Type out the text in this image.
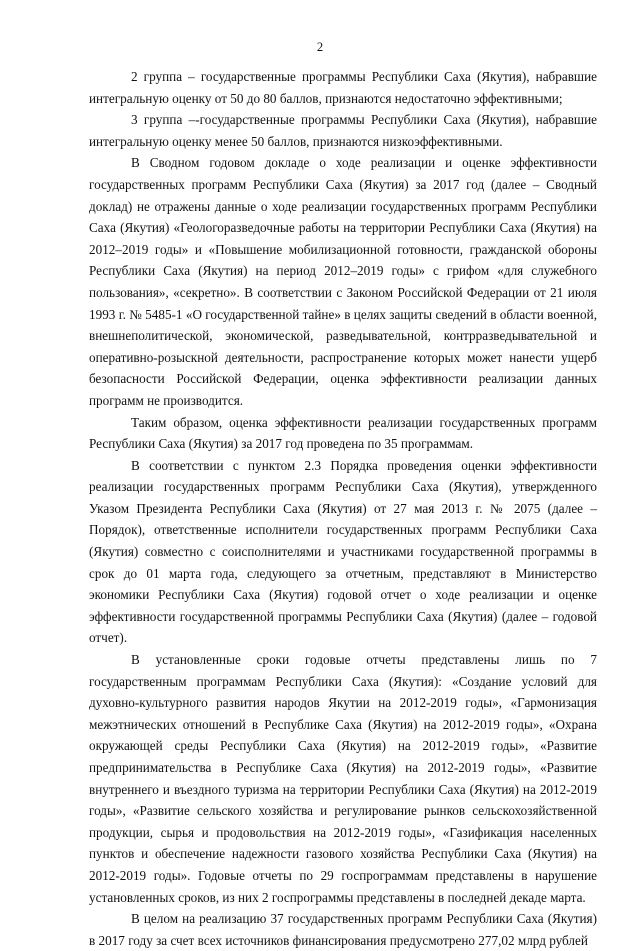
2

2 группа – государственные программы Республики Саха (Якутия), набравшие интегральную оценку от 50 до 80 баллов, признаются недостаточно эффективными;

3 группа –-государственные программы Республики Саха (Якутия), набравшие интегральную оценку менее 50 баллов, признаются низкоэффективными.

В Сводном годовом докладе о ходе реализации и оценке эффективности государственных программ Республики Саха (Якутия) за 2017 год (далее – Сводный доклад) не отражены данные о ходе реализации государственных программ Республики Саха (Якутия) «Геологоразведочные работы на территории Республики Саха (Якутия) на 2012–2019 годы» и «Повышение мобилизационной готовности, гражданской обороны Республики Саха (Якутия) на период 2012–2019 годы» с грифом «для служебного пользования», «секретно». В соответствии с Законом Российской Федерации от 21 июля 1993 г. № 5485-1 «О государственной тайне» в целях защиты сведений в области военной, внешнеполитической, экономической, разведывательной, контрразведывательной и оперативно-розыскной деятельности, распространение которых может нанести ущерб безопасности Российской Федерации, оценка эффективности реализации данных программ не производится.

Таким образом, оценка эффективности реализации государственных программ Республики Саха (Якутия) за 2017 год проведена по 35 программам.

В соответствии с пунктом 2.3 Порядка проведения оценки эффективности реализации государственных программ Республики Саха (Якутия), утвержденного Указом Президента Республики Саха (Якутия) от 27 мая 2013 г. № 2075 (далее – Порядок), ответственные исполнители государственных программ Республики Саха (Якутия) совместно с соисполнителями и участниками государственной программы в срок до 01 марта года, следующего за отчетным, представляют в Министерство экономики Республики Саха (Якутия) годовой отчет о ходе реализации и оценке эффективности государственной программы Республики Саха (Якутия) (далее – годовой отчет).

В установленные сроки годовые отчеты представлены лишь по 7 государственным программам Республики Саха (Якутия): «Создание условий для духовно-культурного развития народов Якутии на 2012-2019 годы», «Гармонизация межэтнических отношений в Республике Саха (Якутия) на 2012-2019 годы», «Охрана окружающей среды Республики Саха (Якутия) на 2012-2019 годы», «Развитие предпринимательства в Республике Саха (Якутия) на 2012-2019 годы», «Развитие внутреннего и въездного туризма на территории Республики Саха (Якутия) на 2012-2019 годы», «Развитие сельского хозяйства и регулирование рынков сельскохозяйственной продукции, сырья и продовольствия на 2012-2019 годы», «Газификация населенных пунктов и обеспечение надежности газового хозяйства Республики Саха (Якутия) на 2012-2019 годы». Годовые отчеты по 29 госпрограммам представлены в нарушение установленных сроков, из них 2 госпрограммы представлены в последней декаде марта.

В целом на реализацию 37 государственных программ Республики Саха (Якутия) в 2017 году за счет всех источников финансирования предусмотрено 277,02 млрд рублей
